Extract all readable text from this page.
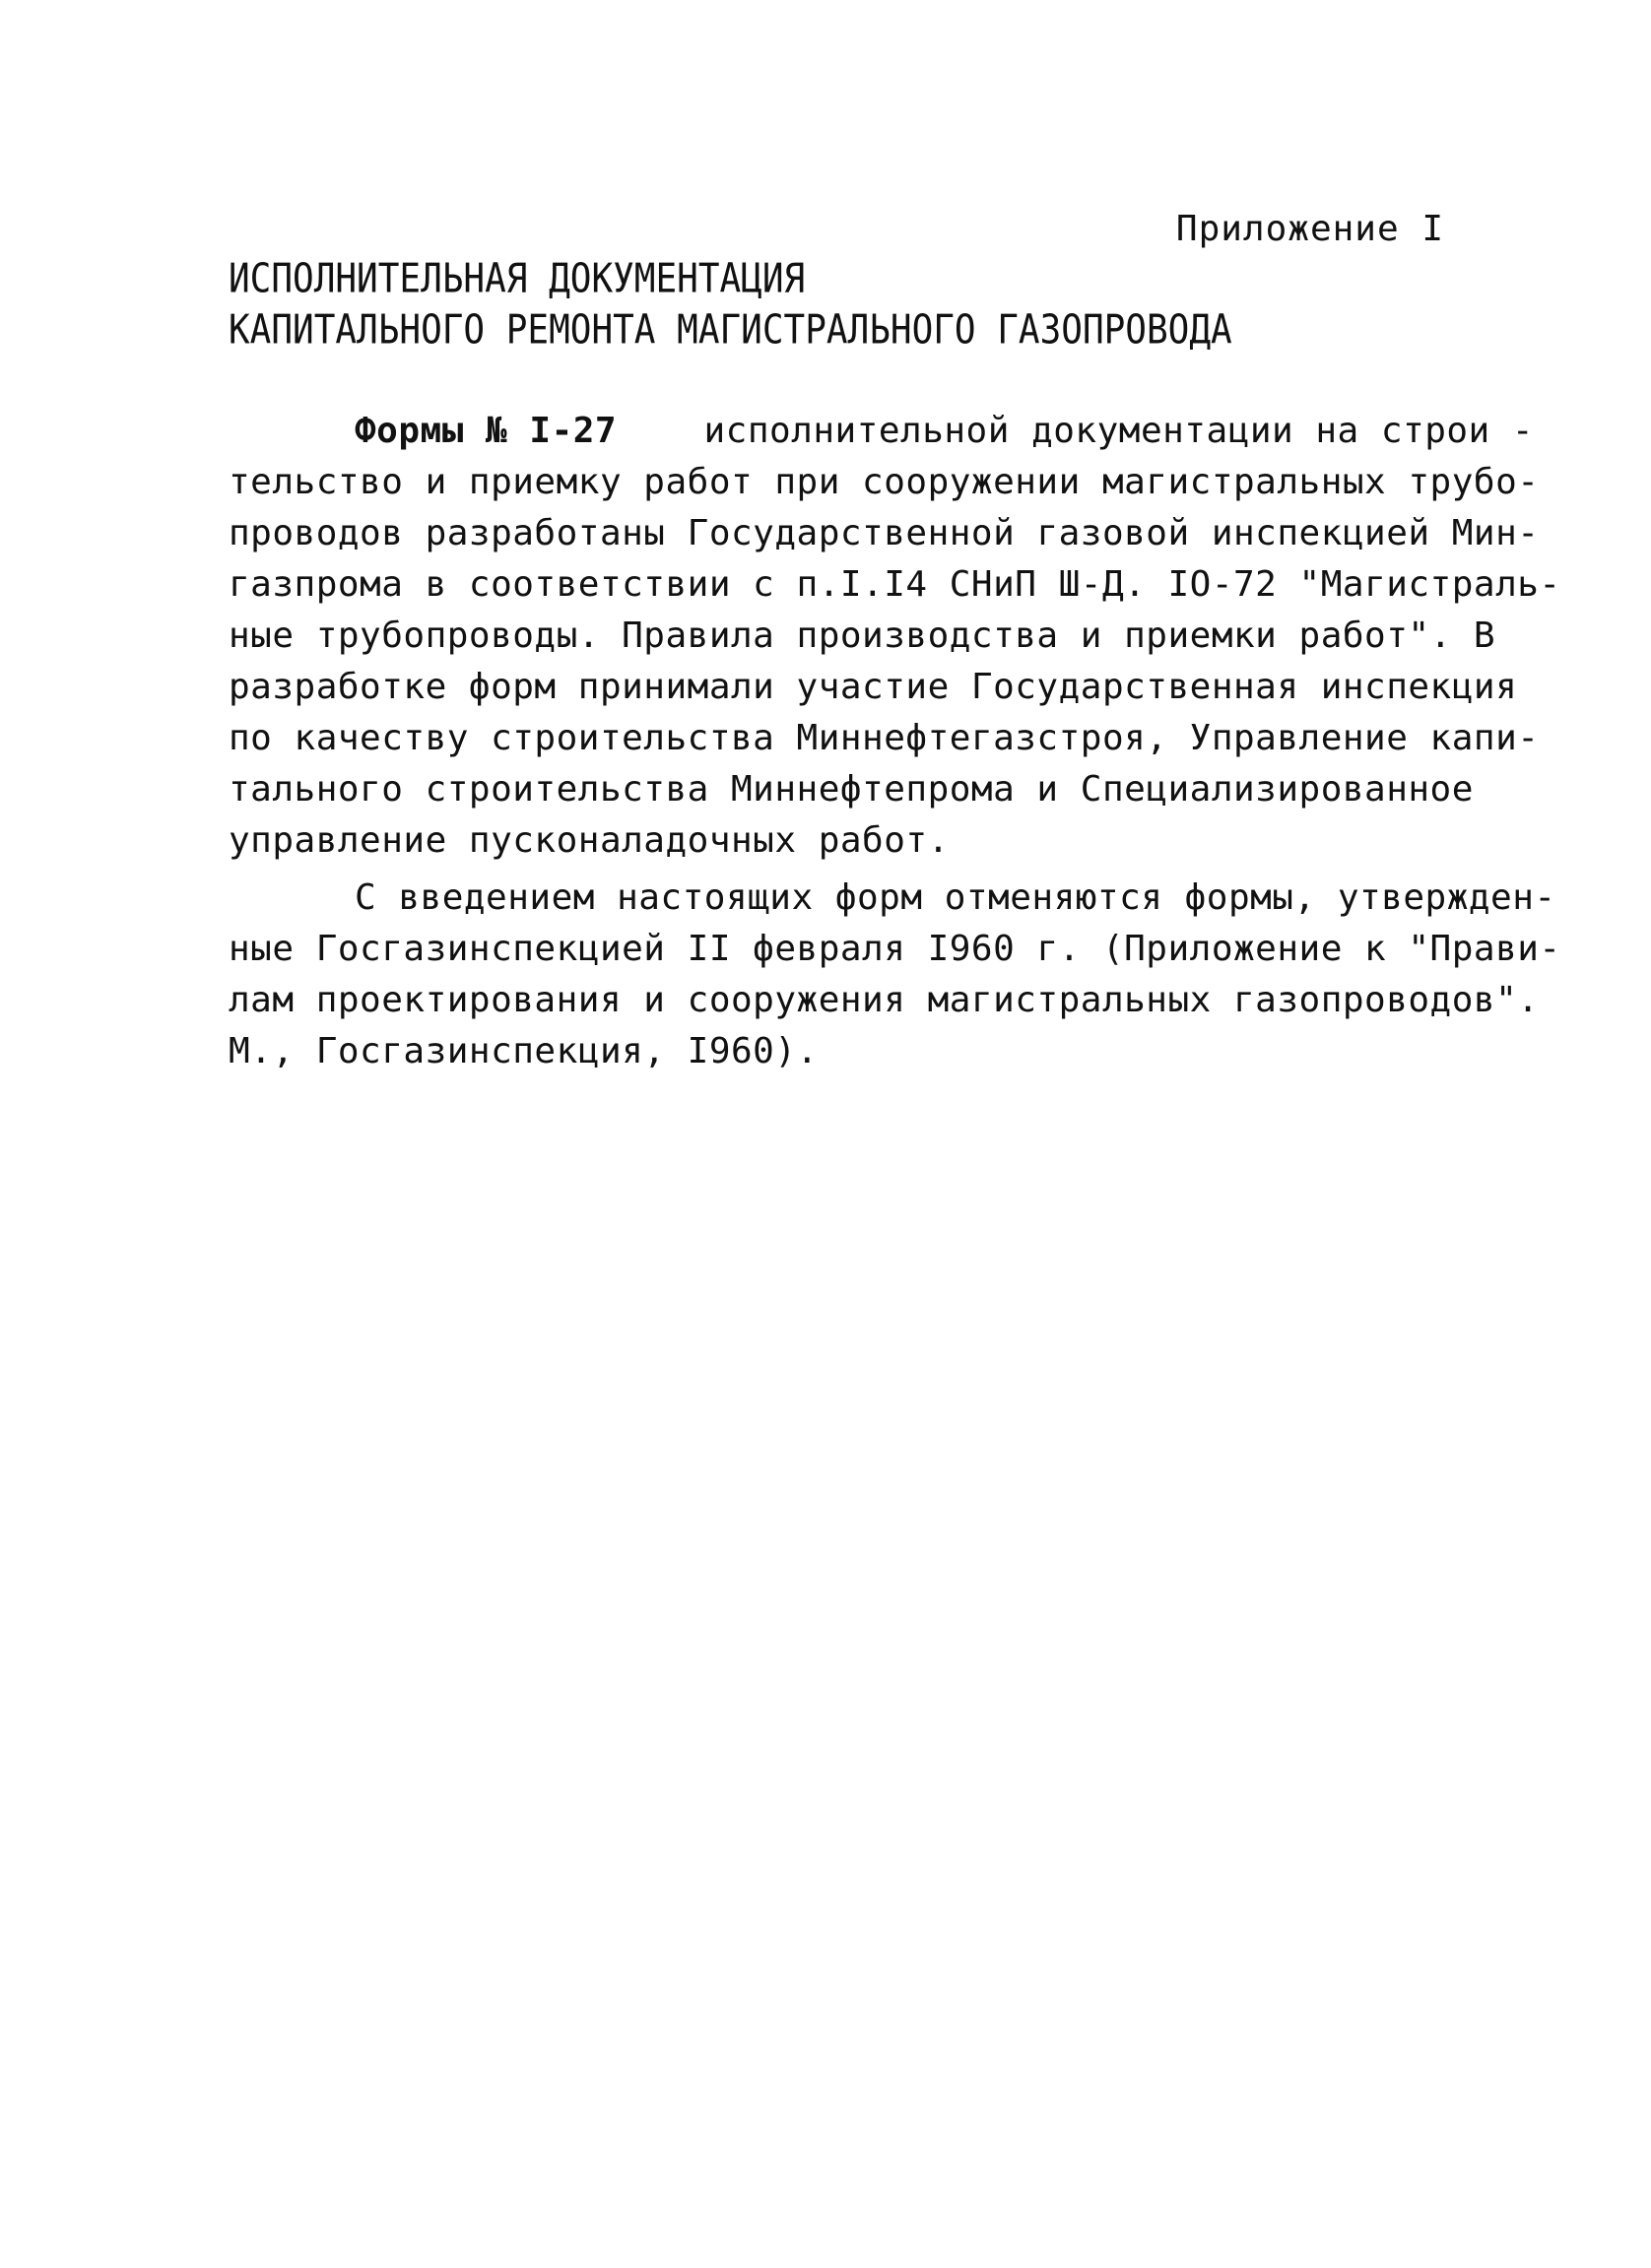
Приложение I
ИСПОЛНИТЕЛЬНАЯ ДОКУМЕНТАЦИЯ
КАПИТАЛЬНОГО РЕМОНТА МАГИСТРАЛЬНОГО ГАЗОПРОВОДА
Формы № I-27 исполнительной документации на строи -
тельство и приемку работ при сооружении магистральных трубо-
проводов разработаны Государственной газовой инспекцией Мин-
газпрома в соответствии с п.I.I4 СНиП Ш-Д. IO-72 "Магистраль-
ные трубопроводы. Правила производства и приемки работ". В
разработке форм принимали участие Государственная инспекция
по качеству строительства Миннефтегазстроя, Управление капи-
тального строительства Миннефтепрома и Специализированное
управление пусконаладочных работ.
С введением настоящих форм отменяются формы, утвержден-
ные Госгазинспекцией II февраля I960 г. (Приложение к "Прави-
лам проектирования и сооружения магистральных газопроводов".
М., Госгазинспекция, I960).
